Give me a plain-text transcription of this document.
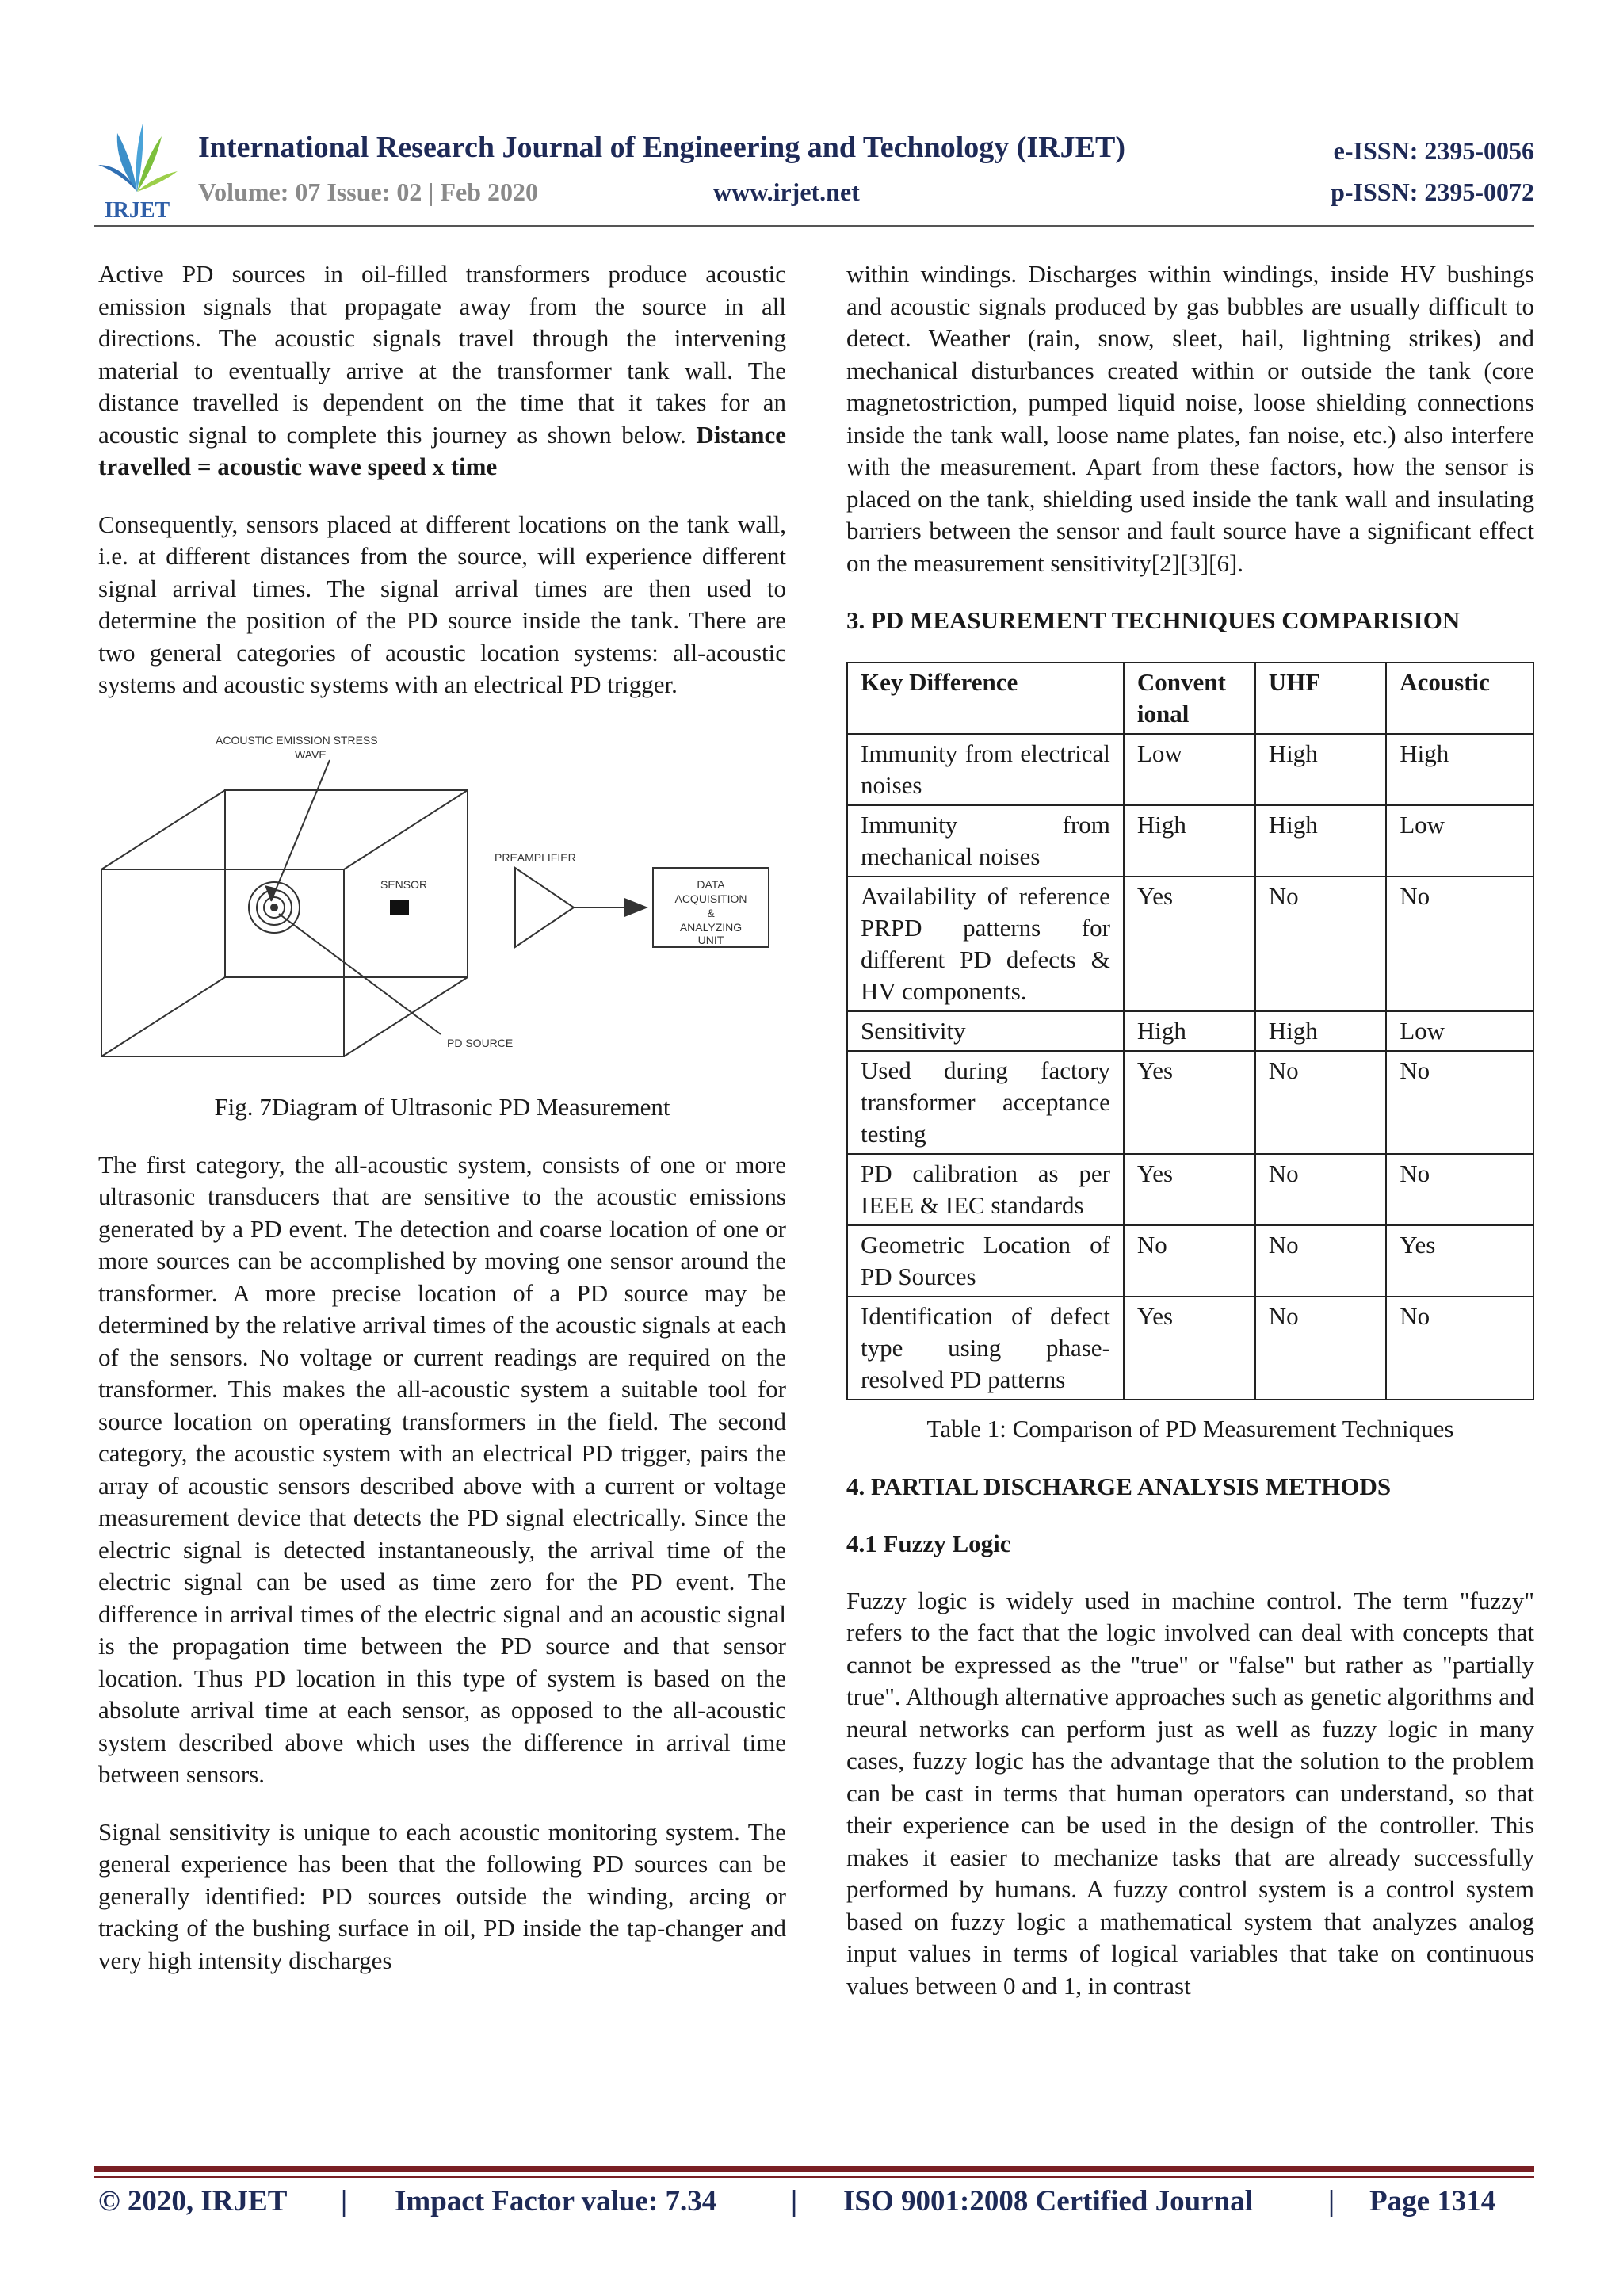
IRJET
International Research Journal of Engineering and Technology (IRJET)	e-ISSN: 2395-0056
Volume: 07 Issue: 02 | Feb 2020	www.irjet.net	p-ISSN: 2395-0072

Active PD sources in oil-filled transformers produce acoustic emission signals that propagate away from the source in all directions. The acoustic signals travel through the intervening material to eventually arrive at the transformer tank wall. The distance travelled is dependent on the time that it takes for an acoustic signal to complete this journey as shown below. Distance travelled = acoustic wave speed x time

Consequently, sensors placed at different locations on the tank wall, i.e. at different distances from the source, will experience different signal arrival times. The signal arrival times are then used to determine the position of the PD source inside the tank. There are two general categories of acoustic location systems: all-acoustic systems and acoustic systems with an electrical PD trigger.

ACOUSTIC EMISSION STRESS
WAVE
SENSOR
PREAMPLIFIER
DATA
ACQUISITION
&
ANALYZING
UNIT
PD SOURCE

Fig. 7Diagram of Ultrasonic PD Measurement

The first category, the all-acoustic system, consists of one or more ultrasonic transducers that are sensitive to the acoustic emissions generated by a PD event. The detection and coarse location of one or more sources can be accomplished by moving one sensor around the transformer. A more precise location of a PD source may be determined by the relative arrival times of the acoustic signals at each of the sensors. No voltage or current readings are required on the transformer. This makes the all-acoustic system a suitable tool for source location on operating transformers in the field. The second category, the acoustic system with an electrical PD trigger, pairs the array of acoustic sensors described above with a current or voltage measurement device that detects the PD signal electrically. Since the electric signal is detected instantaneously, the arrival time of the electric signal can be used as time zero for the PD event. The difference in arrival times of the electric signal and an acoustic signal is the propagation time between the PD source and that sensor location. Thus PD location in this type of system is based on the absolute arrival time at each sensor, as opposed to the all-acoustic system described above which uses the difference in arrival time between sensors.

Signal sensitivity is unique to each acoustic monitoring system. The general experience has been that the following PD sources can be generally identified: PD sources outside the winding, arcing or tracking of the bushing surface in oil, PD inside the tap-changer and very high intensity discharges

within windings. Discharges within windings, inside HV bushings and acoustic signals produced by gas bubbles are usually difficult to detect. Weather (rain, snow, sleet, hail, lightning strikes) and mechanical disturbances created within or outside the tank (core magnetostriction, pumped liquid noise, loose shielding connections inside the tank wall, loose name plates, fan noise, etc.) also interfere with the measurement. Apart from these factors, how the sensor is placed on the tank, shielding used inside the tank wall and insulating barriers between the sensor and fault source have a significant effect on the measurement sensitivity[2][3][6].

3. PD MEASUREMENT TECHNIQUES COMPARISION
Key Difference	Convent ional	UHF	Acoustic
Immunity from electrical noises	Low	High	High
Immunity from mechanical noises	High	High	Low
Availability of reference PRPD patterns for different PD defects & HV components.	Yes	No	No
Sensitivity	High	High	Low
Used during factory transformer acceptance testing	Yes	No	No
PD calibration as per IEEE & IEC standards	Yes	No	No
Geometric Location of PD Sources	No	No	Yes
Identification of defect type using phase-resolved PD patterns	Yes	No	No

Table 1: Comparison of PD Measurement Techniques

4. PARTIAL DISCHARGE ANALYSIS METHODS
4.1 Fuzzy Logic

Fuzzy logic is widely used in machine control. The term "fuzzy" refers to the fact that the logic involved can deal with concepts that cannot be expressed as the "true" or "false" but rather as "partially true". Although alternative approaches such as genetic algorithms and neural networks can perform just as well as fuzzy logic in many cases, fuzzy logic has the advantage that the solution to the problem can be cast in terms that human operators can understand, so that their experience can be used in the design of the controller. This makes it easier to mechanize tasks that are already successfully performed by humans. A fuzzy control system is a control system based on fuzzy logic a mathematical system that analyzes analog input values in terms of logical variables that take on continuous values between 0 and 1, in contrast

© 2020, IRJET | Impact Factor value: 7.34	| ISO 9001:2008 Certified Journal	| Page 1314
